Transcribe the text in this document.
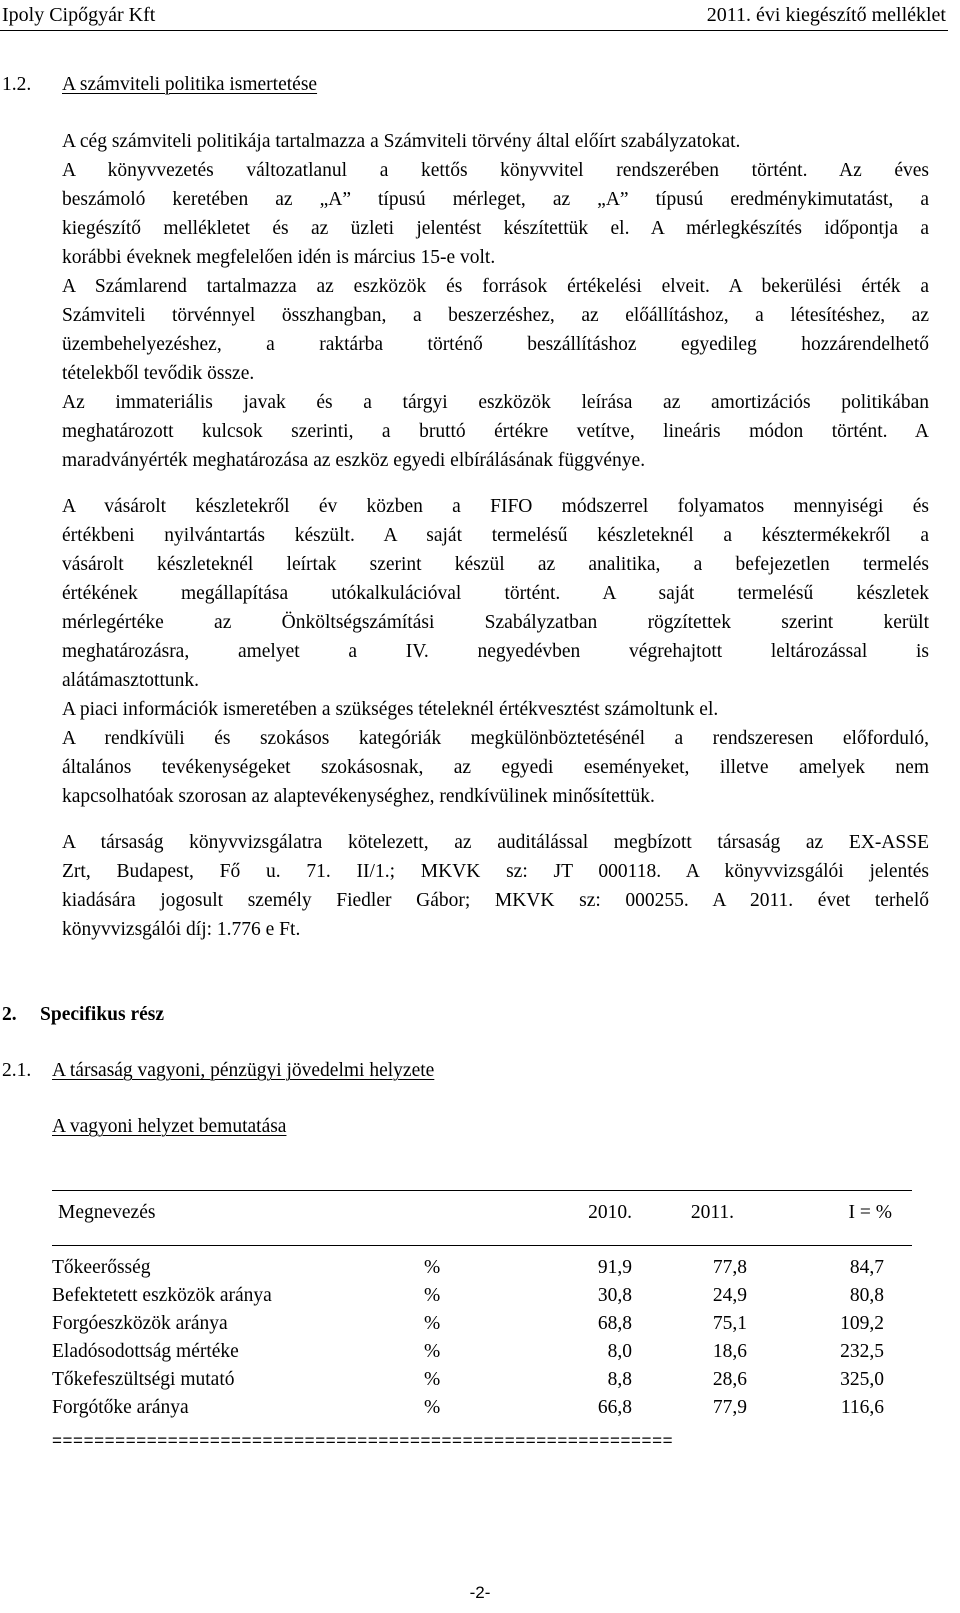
Ipoly Cipőgyár Kft	2011. évi kiegészítő melléklet
1.2. A számviteli politika ismertetése
A cég számviteli politikája tartalmazza a Számviteli törvény által előírt szabályzatokat.
A könyvvezetés változatlanul a kettős könyvvitel rendszerében történt. Az éves
beszámoló keretében az „A” típusú mérleget, az „A” típusú eredménykimutatást, a
kiegészítő mellékletet és az üzleti jelentést készítettük el. A mérlegkészítés időpontja a
korábbi éveknek megfelelően idén is március 15-e volt.
A Számlarend tartalmazza az eszközök és források értékelési elveit. A bekerülési érték a
Számviteli törvénnyel összhangban, a beszerzéshez, az előállításhoz, a létesítéshez, az
üzembehelyezéshez, a raktárba történő beszállításhoz egyedileg hozzárendelhető
tételekből tevődik össze.
Az immateriális javak és a tárgyi eszközök leírása az amortizációs politikában
meghatározott kulcsok szerinti, a bruttó értékre vetítve, lineáris módon történt. A
maradványérték meghatározása az eszköz egyedi elbírálásának függvénye.
A vásárolt készletekről év közben a FIFO módszerrel folyamatos mennyiségi és
értékbeni nyilvántartás készült. A saját termelésű készleteknél a késztermékekről a
vásárolt készleteknél leírtak szerint készül az analitika, a befejezetlen termelés
értékének megállapítása utókalkulációval történt. A saját termelésű készletek
mérlegértéke az Önköltségszámítási Szabályzatban rögzítettek szerint került
meghatározásra, amelyet a IV. negyedévben végrehajtott leltározással is
alátámasztottunk.
A piaci információk ismeretében a szükséges tételeknél értékvesztést számoltunk el.
A rendkívüli és szokásos kategóriák megkülönböztetésénél a rendszeresen előforduló,
általános tevékenységeket szokásosnak, az egyedi eseményeket, illetve amelyek nem
kapcsolhatóak szorosan az alaptevékenységhez, rendkívülinek minősítettük.
A társaság könyvvizsgálatra kötelezett, az auditálással megbízott társaság az EX-ASSE
Zrt, Budapest, Fő u. 71. II/1.; MKVK sz: JT 000118. A könyvvizsgálói jelentés
kiadására jogosult személy Fiedler Gábor; MKVK sz: 000255. A 2011. évet terhelő
könyvvizsgálói díj: 1.776 e Ft.
2. Specifikus rész
2.1. A társaság vagyoni, pénzügyi jövedelmi helyzete
A vagyoni helyzet bemutatása
Megnevezés	2010.	2011.	I = %
Tőkeerősség	%	91,9	77,8	84,7
Befektetett eszközök aránya	%	30,8	24,9	80,8
Forgóeszközök aránya	%	68,8	75,1	109,2
Eladósodottság mértéke	%	8,0	18,6	232,5
Tőkefeszültségi mutató	%	8,8	28,6	325,0
Forgótőke aránya	%	66,8	77,9	116,6
===========================================================
-2-
